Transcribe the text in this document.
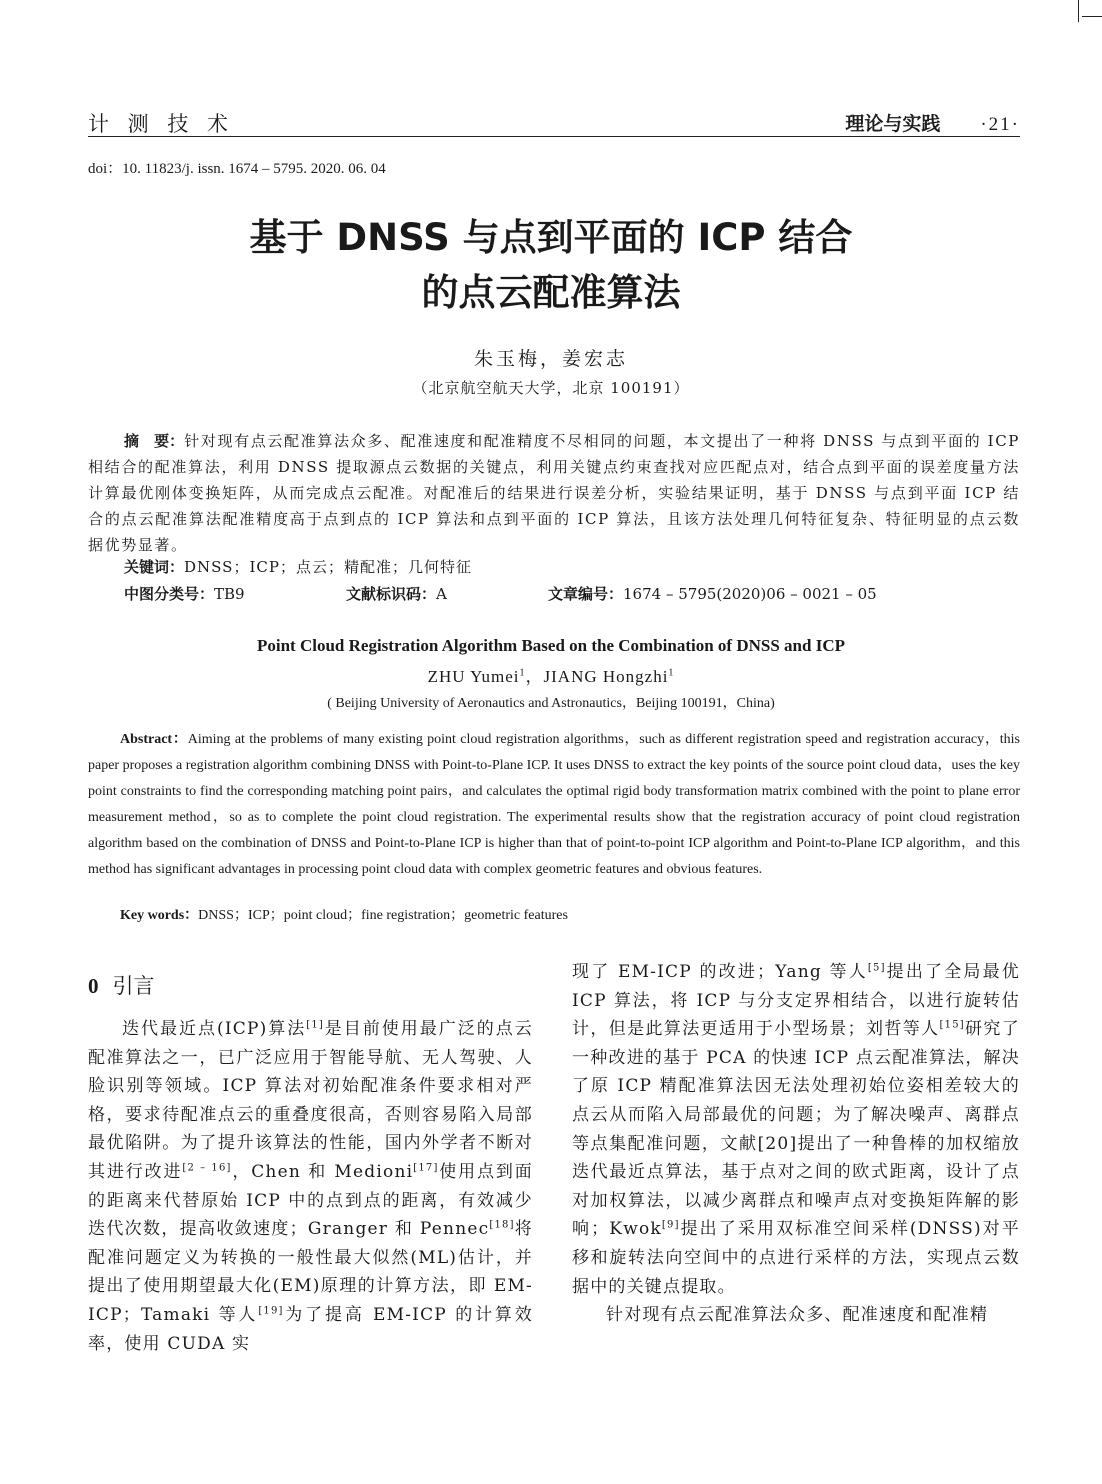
计 测 技 术	理论与实践 ·21·
doi：10. 11823/j. issn. 1674 – 5795. 2020. 06. 04
基于 DNSS 与点到平面的 ICP 结合
的点云配准算法
朱玉梅，姜宏志
（北京航空航天大学，北京 100191）
摘　要：针对现有点云配准算法众多、配准速度和配准精度不尽相同的问题，本文提出了一种将 DNSS 与点到平面的 ICP 相结合的配准算法，利用 DNSS 提取源点云数据的关键点，利用关键点约束查找对应匹配点对，结合点到平面的误差度量方法计算最优刚体变换矩阵，从而完成点云配准。对配准后的结果进行误差分析，实验结果证明，基于 DNSS 与点到平面 ICP 结合的点云配准算法配准精度高于点到点的 ICP 算法和点到平面的 ICP 算法，且该方法处理几何特征复杂、特征明显的点云数据优势显著。
关键词：DNSS；ICP；点云；精配准；几何特征
中图分类号：TB9	文献标识码：A	文章编号：1674 – 5795(2020)06 – 0021 – 05
Point Cloud Registration Algorithm Based on the Combination of DNSS and ICP
ZHU Yumei$^1$，JIANG Hongzhi$^1$
( Beijing University of Aeronautics and Astronautics，Beijing 100191，China)
Abstract：Aiming at the problems of many existing point cloud registration algorithms，such as different registration speed and registration accuracy，this paper proposes a registration algorithm combining DNSS with Point-to-Plane ICP. It uses DNSS to extract the key points of the source point cloud data，uses the key point constraints to find the corresponding matching point pairs，and calculates the optimal rigid body transformation matrix combined with the point to plane error measurement method，so as to complete the point cloud registration. The experimental results show that the registration accuracy of point cloud registration algorithm based on the combination of DNSS and Point-to-Plane ICP is higher than that of point-to-point ICP algorithm and Point-to-Plane ICP algorithm，and this method has significant advantages in processing point cloud data with complex geometric features and obvious features.
Key words：DNSS；ICP；point cloud；fine registration；geometric features
0 引言
迭代最近点(ICP)算法[1]是目前使用最广泛的点云配准算法之一，已广泛应用于智能导航、无人驾驶、人脸识别等领域。ICP 算法对初始配准条件要求相对严格，要求待配准点云的重叠度很高，否则容易陷入局部最优陷阱。为了提升该算法的性能，国内外学者不断对其进行改进[2 – 16]，Chen 和 Medioni[17]使用点到面的距离来代替原始 ICP 中的点到点的距离，有效减少迭代次数，提高收敛速度；Granger 和 Pennec[18]将配准问题定义为转换的一般性最大似然(ML)估计，并提出了使用期望最大化(EM)原理的计算方法，即 EM-ICP；Tamaki 等人[19]为了提高 EM-ICP 的计算效率，使用 CUDA 实

现了 EM-ICP 的改进；Yang 等人[5]提出了全局最优 ICP 算法，将 ICP 与分支定界相结合，以进行旋转估计，但是此算法更适用于小型场景；刘哲等人[15]研究了一种改进的基于 PCA 的快速 ICP 点云配准算法，解决了原 ICP 精配准算法因无法处理初始位姿相差较大的点云从而陷入局部最优的问题；为了解决噪声、离群点等点集配准问题，文献[20]提出了一种鲁棒的加权缩放迭代最近点算法，基于点对之间的欧式距离，设计了点对加权算法，以减少离群点和噪声点对变换矩阵解的影响；Kwok[9]提出了采用双标准空间采样(DNSS)对平移和旋转法向空间中的点进行采样的方法，实现点云数据中的关键点提取。

针对现有点云配准算法众多、配准速度和配准精
